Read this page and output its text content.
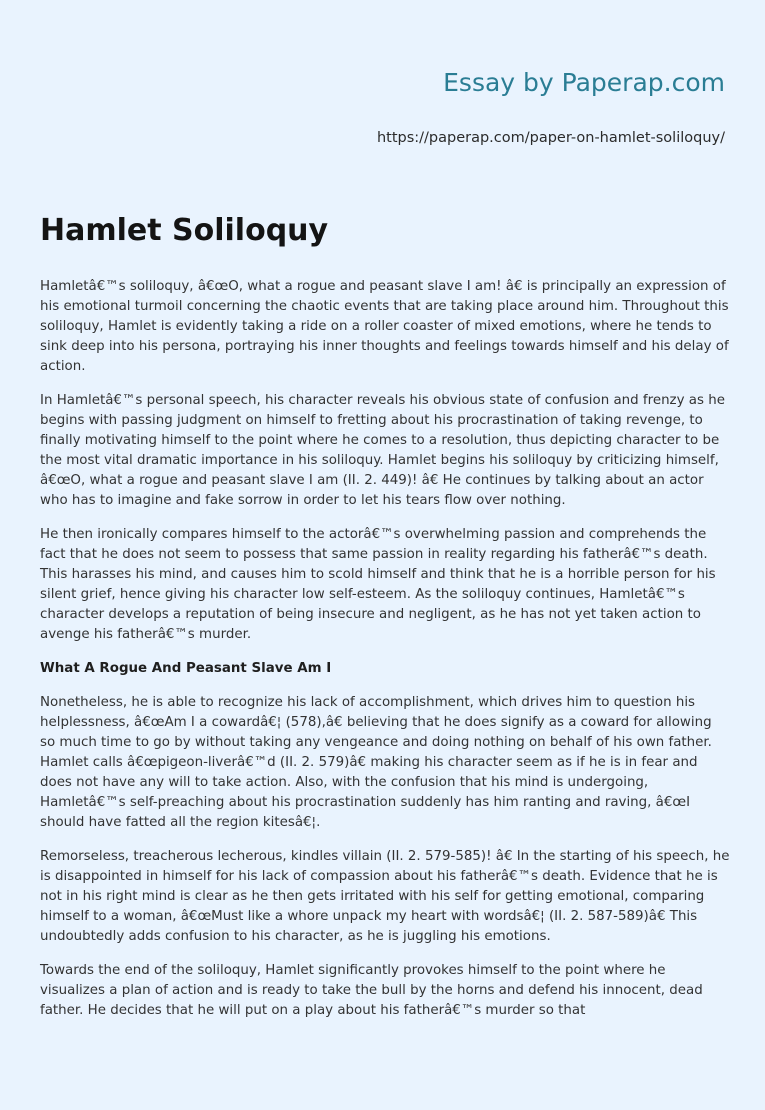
Essay by Paperap.com
https://paperap.com/paper-on-hamlet-soliloquy/
Hamlet Soliloquy

Hamletâ€™s soliloquy, â€œO, what a rogue and peasant slave I am! â€ is principally an expression of his emotional turmoil concerning the chaotic events that are taking place around him. Throughout this soliloquy, Hamlet is evidently taking a ride on a roller coaster of mixed emotions, where he tends to sink deep into his persona, portraying his inner thoughts and feelings towards himself and his delay of action.

In Hamletâ€™s personal speech, his character reveals his obvious state of confusion and frenzy as he begins with passing judgment on himself to fretting about his procrastination of taking revenge, to finally motivating himself to the point where he comes to a resolution, thus depicting character to be the most vital dramatic importance in his soliloquy. Hamlet begins his soliloquy by criticizing himself, â€œO, what a rogue and peasant slave I am (II. 2. 449)! â€ He continues by talking about an actor who has to imagine and fake sorrow in order to let his tears flow over nothing.

He then ironically compares himself to the actorâ€™s overwhelming passion and comprehends the fact that he does not seem to possess that same passion in reality regarding his fatherâ€™s death. This harasses his mind, and causes him to scold himself and think that he is a horrible person for his silent grief, hence giving his character low self-esteem. As the soliloquy continues, Hamletâ€™s character develops a reputation of being insecure and negligent, as he has not yet taken action to avenge his fatherâ€™s murder.

What A Rogue And Peasant Slave Am I

Nonetheless, he is able to recognize his lack of accomplishment, which drives him to question his helplessness, â€œAm I a cowardâ€¦ (578),â€ believing that he does signify as a coward for allowing so much time to go by without taking any vengeance and doing nothing on behalf of his own father. Hamlet calls â€œpigeon-liverâ€™d (II. 2. 579)â€ making his character seem as if he is in fear and does not have any will to take action. Also, with the confusion that his mind is undergoing, Hamletâ€™s self-preaching about his procrastination suddenly has him ranting and raving, â€œI should have fatted all the region kitesâ€¦.

Remorseless, treacherous lecherous, kindles villain (II. 2. 579-585)! â€ In the starting of his speech, he is disappointed in himself for his lack of compassion about his fatherâ€™s death. Evidence that he is not in his right mind is clear as he then gets irritated with his self for getting emotional, comparing himself to a woman, â€œMust like a whore unpack my heart with wordsâ€¦ (II. 2. 587-589)â€ This undoubtedly adds confusion to his character, as he is juggling his emotions.

Towards the end of the soliloquy, Hamlet significantly provokes himself to the point where he visualizes a plan of action and is ready to take the bull by the horns and defend his innocent, dead father. He decides that he will put on a play about his fatherâ€™s murder so that
